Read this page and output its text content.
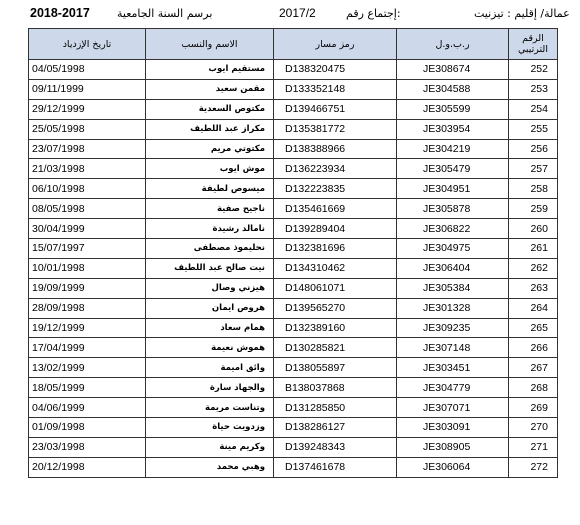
2018-2017 برسم السنة الجامعية	2017/2	إجتماع رقم:	عمالة/ إقليم : تيزنيت
تاريخ الإزدياد	الاسم والنسب	رمز مسار	ر.ب.و.ل	الرقم الترتيبي
04/05/1998	مستقيم ايوب	D138320475	JE308674	252
09/11/1999	مقمن سعيد	D133352148	JE304588	253
29/12/1999	مكتوص السعدية	D139466751	JE305599	254
25/05/1998	مكراز عبد اللطيف	D135381772	JE303954	255
23/07/1998	مكتوتي مريم	D138388966	JE304219	256
21/03/1998	موش ايوب	D136223934	JE305479	257
06/10/1998	ميسوص لطيفة	D132223835	JE304951	258
08/05/1998	ناجيح صفية	D135461669	JE305878	259
30/04/1999	نامالد رشيدة	D139289404	JE306822	260
15/07/1997	نحليموذ مصطفى	D132381696	JE304975	261
10/01/1998	نيت صالح عبد اللطيف	D134310462	JE306404	262
19/09/1999	هيزني وصال	D148061071	JE305384	263
28/09/1998	هروص ايمان	D139565270	JE301328	264
19/12/1999	همام سعاد	D132389160	JE309235	265
17/04/1999	هموش نعيمة	D130285821	JE307148	266
13/02/1999	وائق اميمة	D138055897	JE303451	267
18/05/1999	والجهاد سارة	B138037868	JE304779	268
04/06/1999	وتناست مريمة	D131285850	JE307071	269
01/09/1998	وزدويت حياة	D138286127	JE303091	270
23/03/1998	وكريم مينة	D139248343	JE308905	271
20/12/1998	وهبي محمد	D137461678	JE306064	272
